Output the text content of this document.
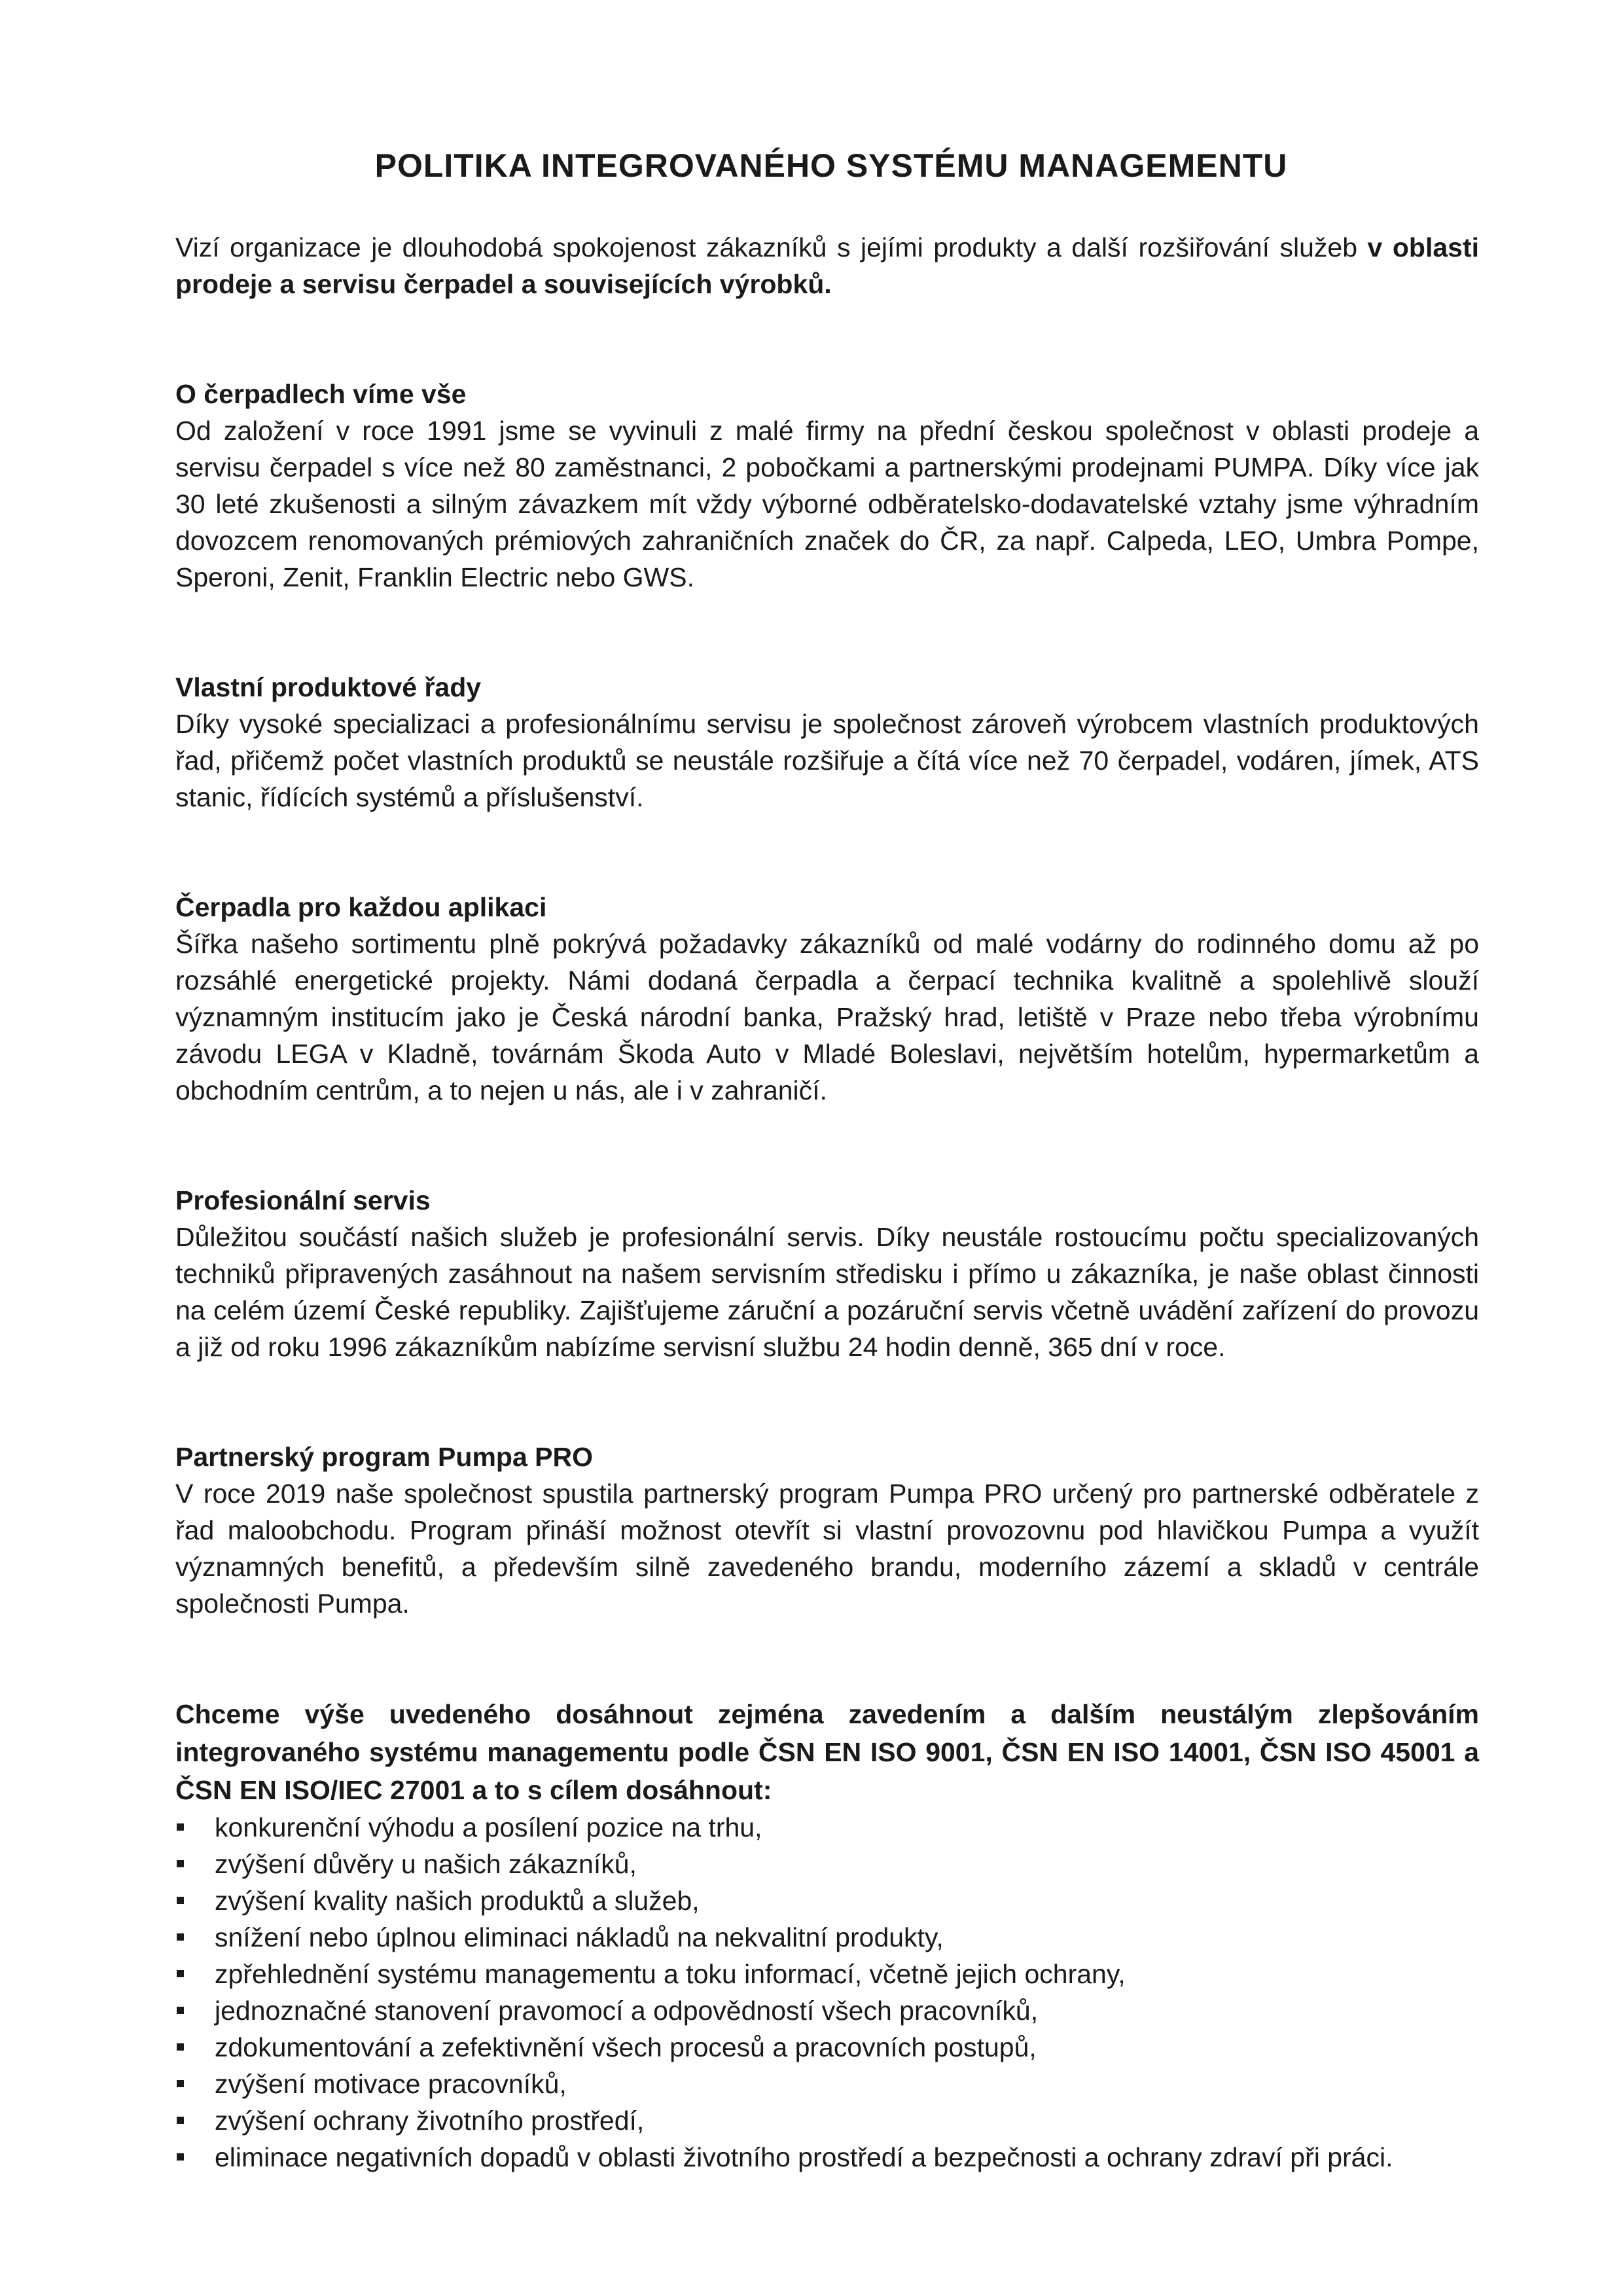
POLITIKA INTEGROVANÉHO SYSTÉMU MANAGEMENTU

Vizí organizace je dlouhodobá spokojenost zákazníků s jejími produkty a další rozšiřování služeb v oblasti prodeje a servisu čerpadel a souvisejících výrobků.

O čerpadlech víme vše

Od založení v roce 1991 jsme se vyvinuli z malé firmy na přední českou společnost v oblasti prodeje a servisu čerpadel s více než 80 zaměstnanci, 2 pobočkami a partnerskými prodejnami PUMPA. Díky více jak 30 leté zkušenosti a silným závazkem mít vždy výborné odběratelsko-dodavatelské vztahy jsme výhradním dovozcem renomovaných prémiových zahraničních značek do ČR, za např. Calpeda, LEO, Umbra Pompe, Speroni, Zenit, Franklin Electric nebo GWS.

Vlastní produktové řady

Díky vysoké specializaci a profesionálnímu servisu je společnost zároveň výrobcem vlastních produktových řad, přičemž počet vlastních produktů se neustále rozšiřuje a čítá více než 70 čerpadel, vodáren, jímek, ATS stanic, řídících systémů a příslušenství.

Čerpadla pro každou aplikaci

Šířka našeho sortimentu plně pokrývá požadavky zákazníků od malé vodárny do rodinného domu až po rozsáhlé energetické projekty. Námi dodaná čerpadla a čerpací technika kvalitně a spolehlivě slouží významným institucím jako je Česká národní banka, Pražský hrad, letiště v Praze nebo třeba výrobnímu závodu LEGA v Kladně, továrnám Škoda Auto v Mladé Boleslavi, největším hotelům, hypermarketům a obchodním centrům, a to nejen u nás, ale i v zahraničí.

Profesionální servis

Důležitou součástí našich služeb je profesionální servis. Díky neustále rostoucímu počtu specializovaných techniků připravených zasáhnout na našem servisním středisku i přímo u zákazníka, je naše oblast činnosti na celém území České republiky. Zajišťujeme záruční a pozáruční servis včetně uvádění zařízení do provozu a již od roku 1996 zákazníkům nabízíme servisní službu 24 hodin denně, 365 dní v roce.

Partnerský program Pumpa PRO

V roce 2019 naše společnost spustila partnerský program Pumpa PRO určený pro partnerské odběratele z řad maloobchodu. Program přináší možnost otevřít si vlastní provozovnu pod hlavičkou Pumpa a využít významných benefitů, a především silně zavedeného brandu, moderního zázemí a skladů v centrále společnosti Pumpa.

Chceme výše uvedeného dosáhnout zejména zavedením a dalším neustálým zlepšováním integrovaného systému managementu podle ČSN EN ISO 9001, ČSN EN ISO 14001, ČSN ISO 45001 a ČSN EN ISO/IEC 27001 a to s cílem dosáhnout:

konkurenční výhodu a posílení pozice na trhu,
zvýšení důvěry u našich zákazníků,
zvýšení kvality našich produktů a služeb,
snížení nebo úplnou eliminaci nákladů na nekvalitní produkty,
zpřehlednění systému managementu a toku informací, včetně jejich ochrany,
jednoznačné stanovení pravomocí a odpovědností všech pracovníků,
zdokumentování a zefektivnění všech procesů a pracovních postupů,
zvýšení motivace pracovníků,
zvýšení ochrany životního prostředí,
eliminace negativních dopadů v oblasti životního prostředí a bezpečnosti a ochrany zdraví při práci.
